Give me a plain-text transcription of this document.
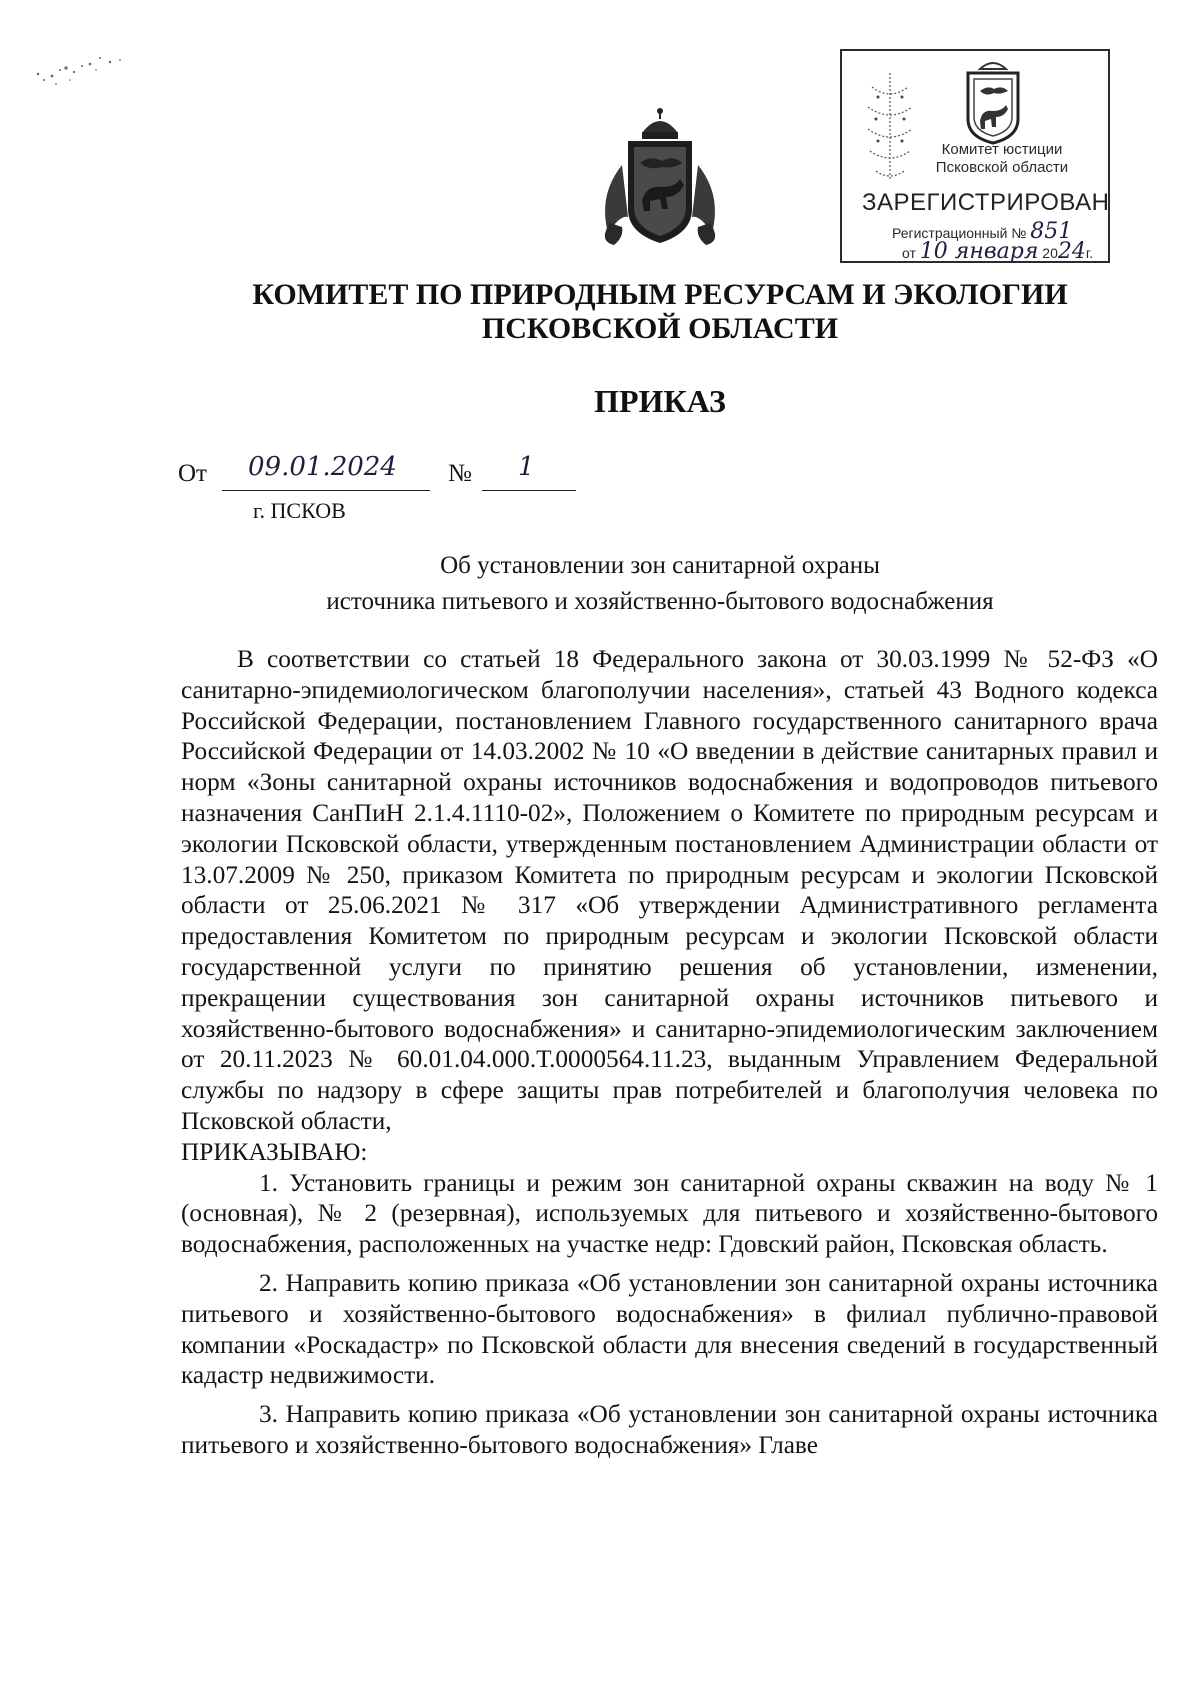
Комитет юстиции
Псковской области
ЗАРЕГИСТРИРОВАН
Регистрационный № 851
от 10 января 2024г.
КОМИТЕТ ПО ПРИРОДНЫМ РЕСУРСАМ И ЭКОЛОГИИ
ПСКОВСКОЙ ОБЛАСТИ
ПРИКАЗ
От 09.01.2024 № 1
г. ПСКОВ
Об установлении зон санитарной охраны
источника питьевого и хозяйственно-бытового водоснабжения

В соответствии со статьей 18 Федерального закона от 30.03.1999 № 52-ФЗ «О санитарно-эпидемиологическом благополучии населения», статьей 43 Водного кодекса Российской Федерации, постановлением Главного государственного санитарного врача Российской Федерации от 14.03.2002 № 10 «О введении в действие санитарных правил и норм «Зоны санитарной охраны источников водоснабжения и водопроводов питьевого назначения СанПиН 2.1.4.1110-02», Положением о Комитете по природным ресурсам и экологии Псковской области, утвержденным постановлением Администрации области от 13.07.2009 № 250, приказом Комитета по природным ресурсам и экологии Псковской области от 25.06.2021 № 317 «Об утверждении Административного регламента предоставления Комитетом по природным ресурсам и экологии Псковской области государственной услуги по принятию решения об установлении, изменении, прекращении существования зон санитарной охраны источников питьевого и хозяйственно-бытового водоснабжения» и санитарно-эпидемиологическим заключением от 20.11.2023 № 60.01.04.000.Т.0000564.11.23, выданным Управлением Федеральной службы по надзору в сфере защиты прав потребителей и благополучия человека по Псковской области,

ПРИКАЗЫВАЮ:

1. Установить границы и режим зон санитарной охраны скважин на воду № 1 (основная), № 2 (резервная), используемых для питьевого и хозяйственно-бытового водоснабжения, расположенных на участке недр: Гдовский район, Псковская область.

2. Направить копию приказа «Об установлении зон санитарной охраны источника питьевого и хозяйственно-бытового водоснабжения» в филиал публично-правовой компании «Роскадастр» по Псковской области для внесения сведений в государственный кадастр недвижимости.

3. Направить копию приказа «Об установлении зон санитарной охраны источника питьевого и хозяйственно-бытового водоснабжения» Главе
